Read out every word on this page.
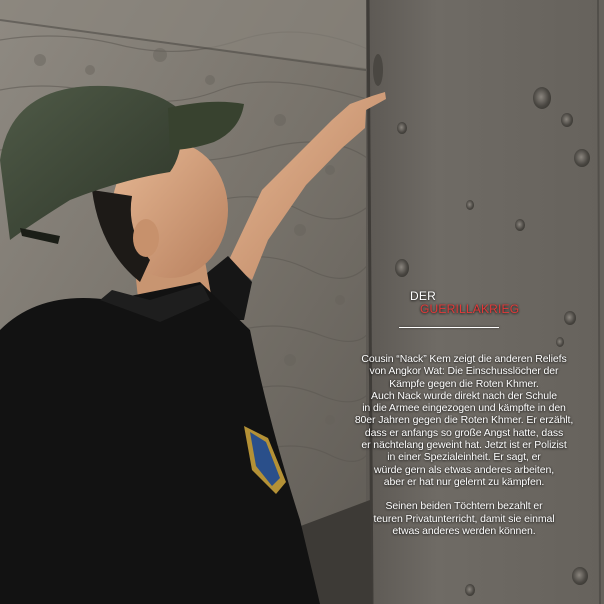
DER
GUERILLAKRIEG
Cousin “Nack” Kem zeigt die anderen Reliefs
von Angkor Wat: Die Einschusslöcher der
Kämpfe gegen die Roten Khmer.
Auch Nack wurde direkt nach der Schule
in die Armee eingezogen und kämpfte in den
80er Jahren gegen die Roten Khmer. Er erzählt,
dass er anfangs so große Angst hatte, dass
er nächtelang geweint hat. Jetzt ist er Polizist
in einer Spezialeinheit. Er sagt, er
würde gern als etwas anderes arbeiten,
aber er hat nur gelernt zu kämpfen.
Seinen beiden Töchtern bezahlt er
teuren Privatunterricht, damit sie einmal
etwas anderes werden können.
